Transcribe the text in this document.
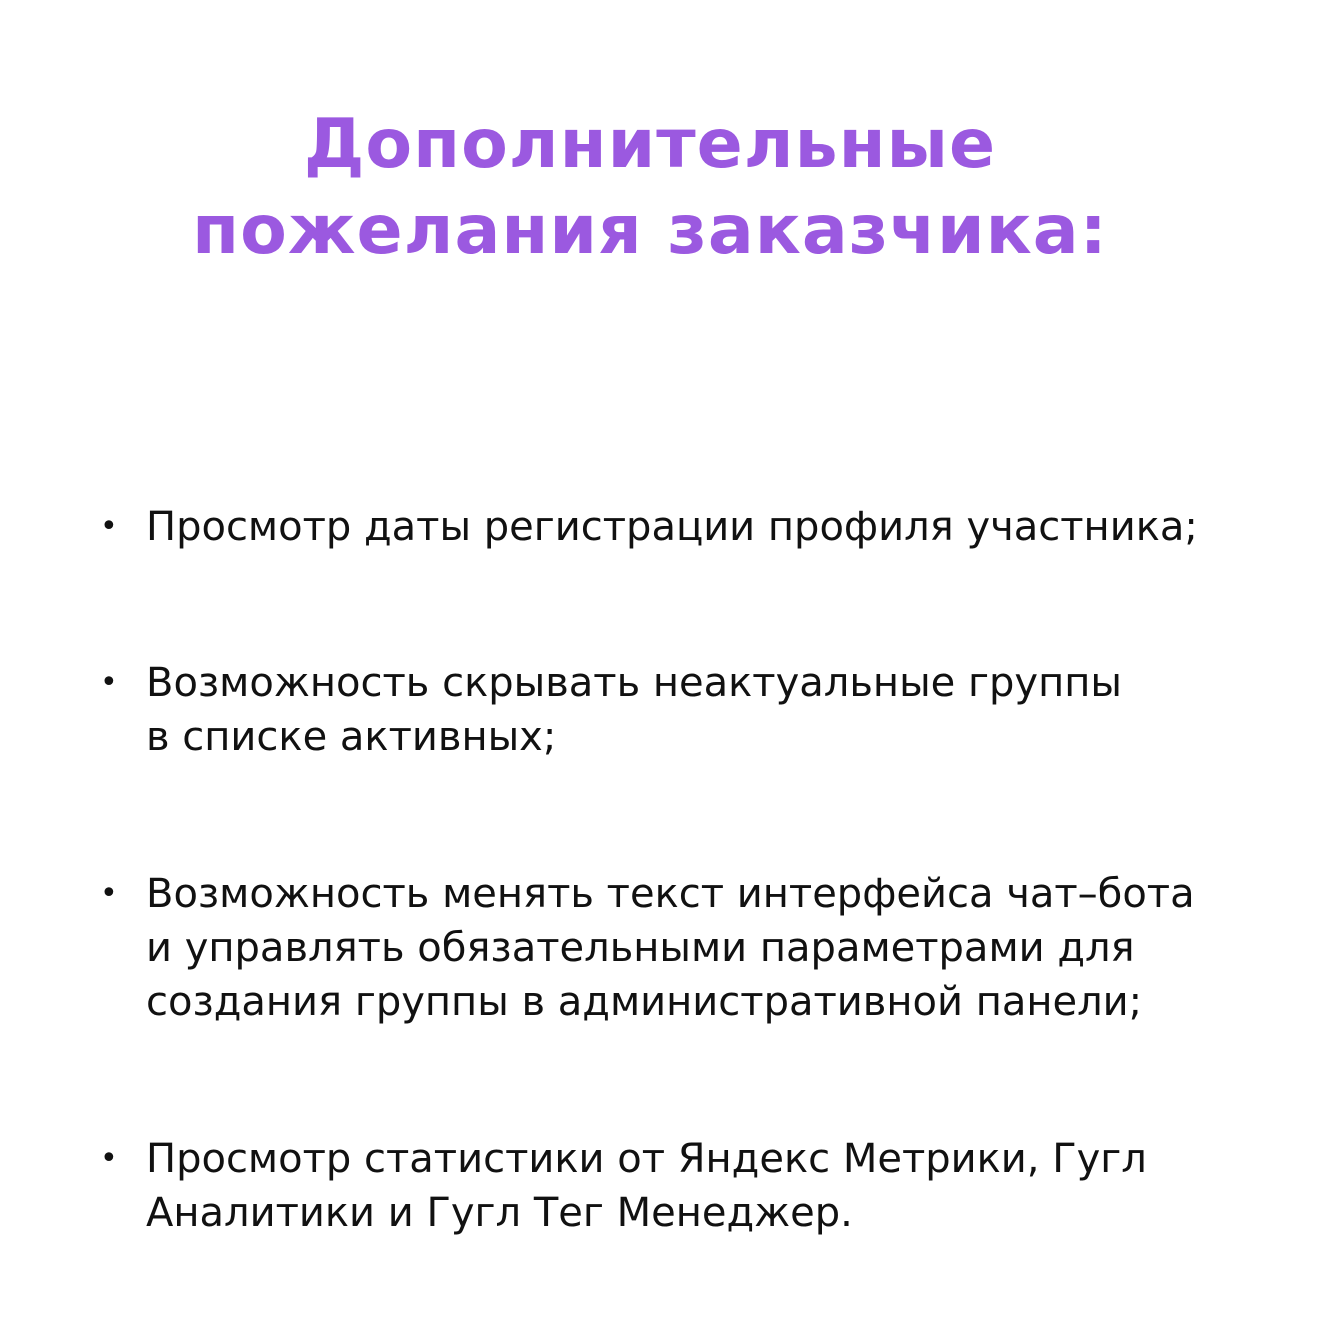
Дополнительные
пожелания заказчика:
• Просмотр даты регистрации профиля участника;
• Возможность скрывать неактуальные группы
в списке активных;
• Возможность менять текст интерфейса чат–бота
и управлять обязательными параметрами для
создания группы в административной панели;
• Просмотр статистики от Яндекс Метрики, Гугл
Аналитики и Гугл Тег Менеджер.
